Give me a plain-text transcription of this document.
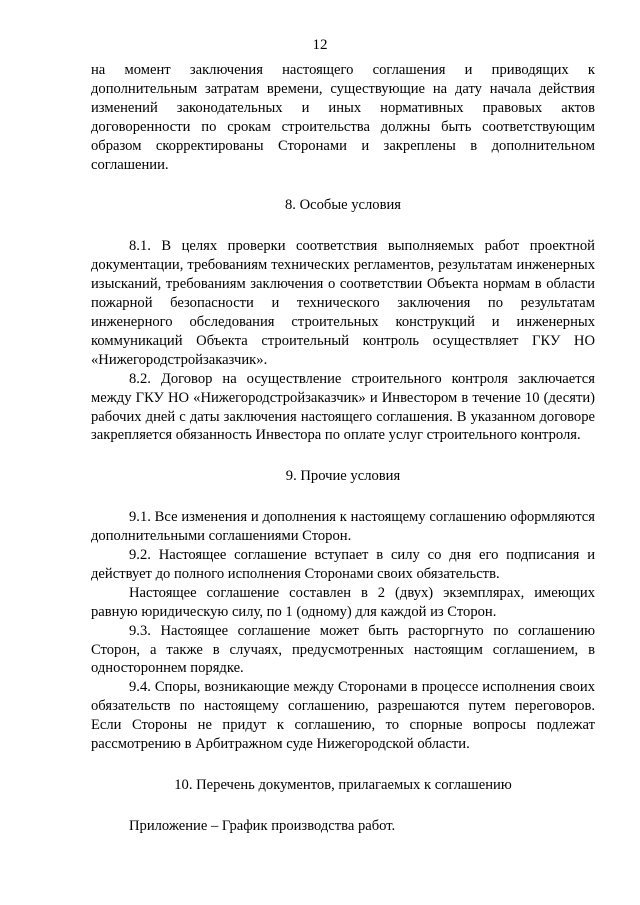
12

на момент заключения настоящего соглашения и приводящих к дополнительным затратам времени, существующие на дату начала действия изменений законодательных и иных нормативных правовых актов договоренности по срокам строительства должны быть соответствующим образом скорректированы Сторонами и закреплены в дополнительном соглашении.

8. Особые условия

8.1. В целях проверки соответствия выполняемых работ проектной документации, требованиям технических регламентов, результатам инженерных изысканий, требованиям заключения о соответствии Объекта нормам в области пожарной безопасности и технического заключения по результатам инженерного обследования строительных конструкций и инженерных коммуникаций Объекта строительный контроль осуществляет ГКУ НО «Нижегородстройзаказчик».

8.2. Договор на осуществление строительного контроля заключается между ГКУ НО «Нижегородстройзаказчик» и Инвестором в течение 10 (десяти) рабочих дней с даты заключения настоящего соглашения. В указанном договоре закрепляется обязанность Инвестора по оплате услуг строительного контроля.

9. Прочие условия

9.1. Все изменения и дополнения к настоящему соглашению оформляются дополнительными соглашениями Сторон.

9.2. Настоящее соглашение вступает в силу со дня его подписания и действует до полного исполнения Сторонами своих обязательств.

Настоящее соглашение составлен в 2 (двух) экземплярах, имеющих равную юридическую силу, по 1 (одному) для каждой из Сторон.

9.3. Настоящее соглашение может быть расторгнуто по соглашению Сторон, а также в случаях, предусмотренных настоящим соглашением, в одностороннем порядке.

9.4. Споры, возникающие между Сторонами в процессе исполнения своих обязательств по настоящему соглашению, разрешаются путем переговоров. Если Стороны не придут к соглашению, то спорные вопросы подлежат рассмотрению в Арбитражном суде Нижегородской области.

10. Перечень документов, прилагаемых к соглашению

Приложение – График производства работ.
